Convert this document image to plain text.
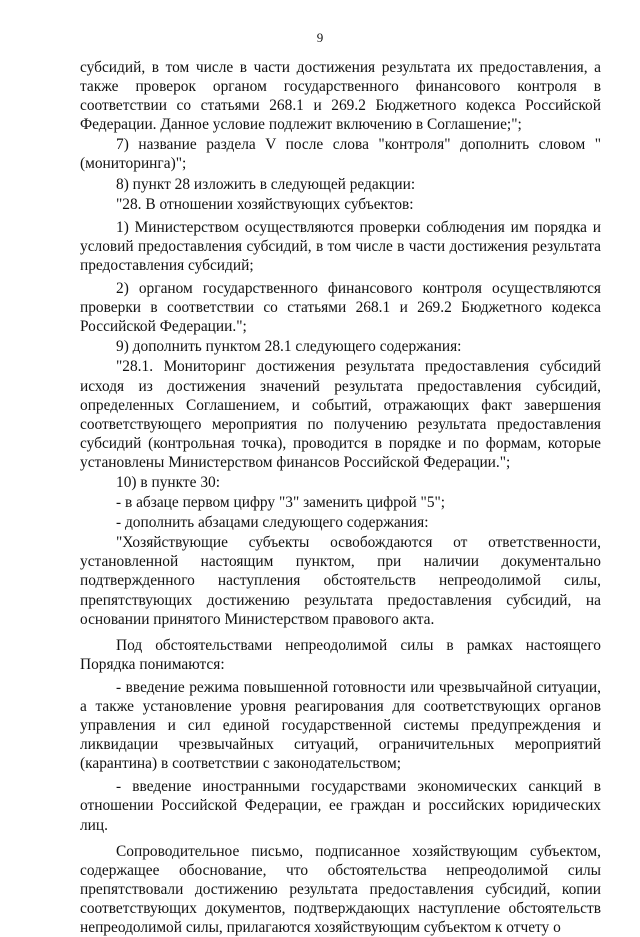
9

субсидий, в том числе в части достижения результата их предоставления, а также проверок органом государственного финансового контроля в соответствии со статьями 268.1 и 269.2 Бюджетного кодекса Российской Федерации. Данное условие подлежит включению в Соглашение;";

7) название раздела V после слова "контроля" дополнить словом "(мониторинга)";

8) пункт 28 изложить в следующей редакции:

"28. В отношении хозяйствующих субъектов:

1) Министерством осуществляются проверки соблюдения им порядка и условий предоставления субсидий, в том числе в части достижения результата предоставления субсидий;

2) органом государственного финансового контроля осуществляются проверки в соответствии со статьями 268.1 и 269.2 Бюджетного кодекса Российской Федерации.";

9) дополнить пунктом 28.1 следующего содержания:

"28.1. Мониторинг достижения результата предоставления субсидий исходя из достижения значений результата предоставления субсидий, определенных Соглашением, и событий, отражающих факт завершения соответствующего мероприятия по получению результата предоставления субсидий (контрольная точка), проводится в порядке и по формам, которые установлены Министерством финансов Российской Федерации.";

10) в пункте 30:

- в абзаце первом цифру "3" заменить цифрой "5";

- дополнить абзацами следующего содержания:

"Хозяйствующие субъекты освобождаются от ответственности, установленной настоящим пунктом, при наличии документально подтвержденного наступления обстоятельств непреодолимой силы, препятствующих достижению результата предоставления субсидий, на основании принятого Министерством правового акта.

Под обстоятельствами непреодолимой силы в рамках настоящего Порядка понимаются:

- введение режима повышенной готовности или чрезвычайной ситуации, а также установление уровня реагирования для соответствующих органов управления и сил единой государственной системы предупреждения и ликвидации чрезвычайных ситуаций, ограничительных мероприятий (карантина) в соответствии с законодательством;

- введение иностранными государствами экономических санкций в отношении Российской Федерации, ее граждан и российских юридических лиц.

Сопроводительное письмо, подписанное хозяйствующим субъектом, содержащее обоснование, что обстоятельства непреодолимой силы препятствовали достижению результата предоставления субсидий, копии соответствующих документов, подтверждающих наступление обстоятельств непреодолимой силы, прилагаются хозяйствующим субъектом к отчету о
